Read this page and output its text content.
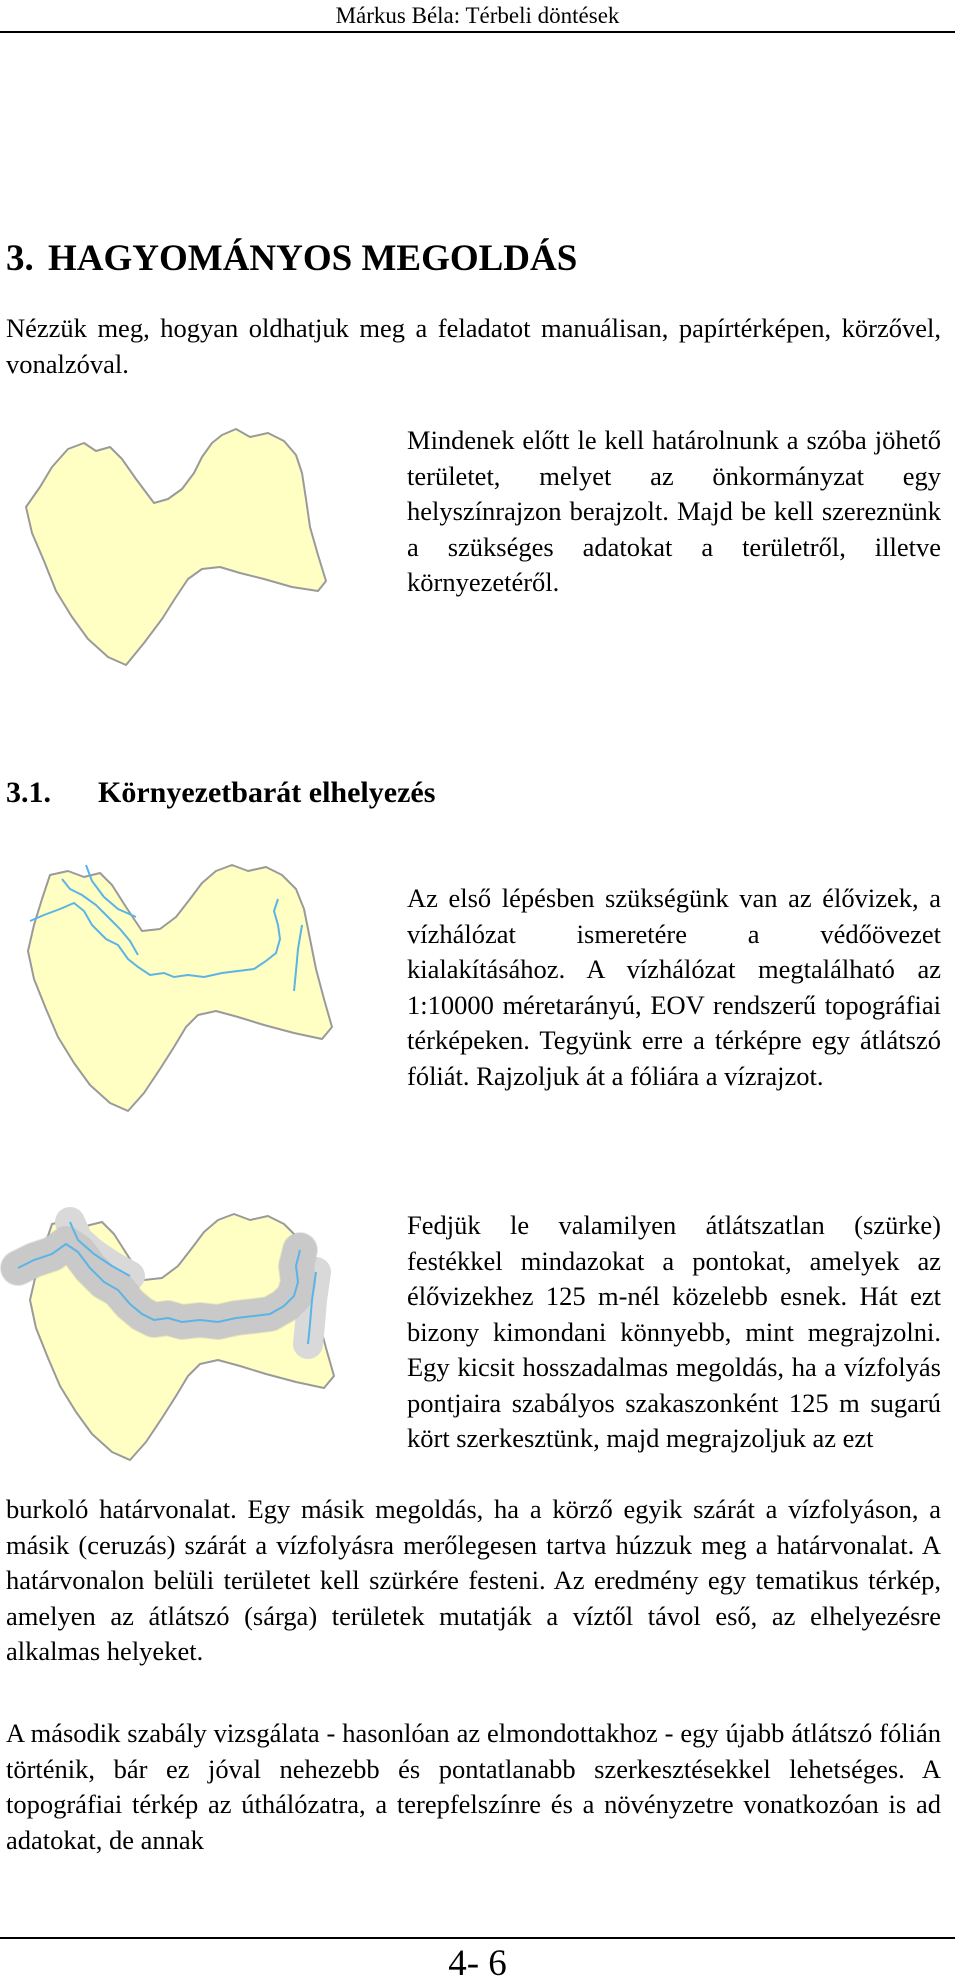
Márkus Béla: Térbeli döntések
3. HAGYOMÁNYOS MEGOLDÁS

Nézzük meg, hogyan oldhatjuk meg a feladatot manuálisan, papírtérképen, körzővel, vonalzóval.

Mindenek előtt le kell határolnunk a szóba jöhető területet, melyet az önkormányzat egy helyszínrajzon berajzolt. Majd be kell szereznünk a szükséges adatokat a területről, illetve környezetéről.

3.1. Környezetbarát elhelyezés

Az első lépésben szükségünk van az élővizek, a vízhálózat ismeretére a védőövezet kialakításához. A vízhálózat megtalálható az 1:10000 méretarányú, EOV rendszerű topográfiai térképeken. Tegyünk erre a térképre egy átlátszó fóliát. Rajzoljuk át a fóliára a vízrajzot.

Fedjük le valamilyen átlátszatlan (szürke) festékkel mindazokat a pontokat, amelyek az élővizekhez 125 m-nél közelebb esnek. Hát ezt bizony kimondani könnyebb, mint megrajzolni. Egy kicsit hosszadalmas megoldás, ha a vízfolyás pontjaira szabályos szakaszonként 125 m sugarú kört szerkesztünk, majd megrajzoljuk az ezt

burkoló határvonalat. Egy másik megoldás, ha a körző egyik szárát a vízfolyáson, a másik (ceruzás) szárát a vízfolyásra merőlegesen tartva húzzuk meg a határvonalat. A határvonalon belüli területet kell szürkére festeni. Az eredmény egy tematikus térkép, amelyen az átlátszó (sárga) területek mutatják a víztől távol eső, az elhelyezésre alkalmas helyeket.

A második szabály vizsgálata - hasonlóan az elmondottakhoz - egy újabb átlátszó fólián történik, bár ez jóval nehezebb és pontatlanabb szerkesztésekkel lehetséges. A topográfiai térkép az úthálózatra, a terepfelszínre és a növényzetre vonatkozóan is ad adatokat, de annak

4- 6
